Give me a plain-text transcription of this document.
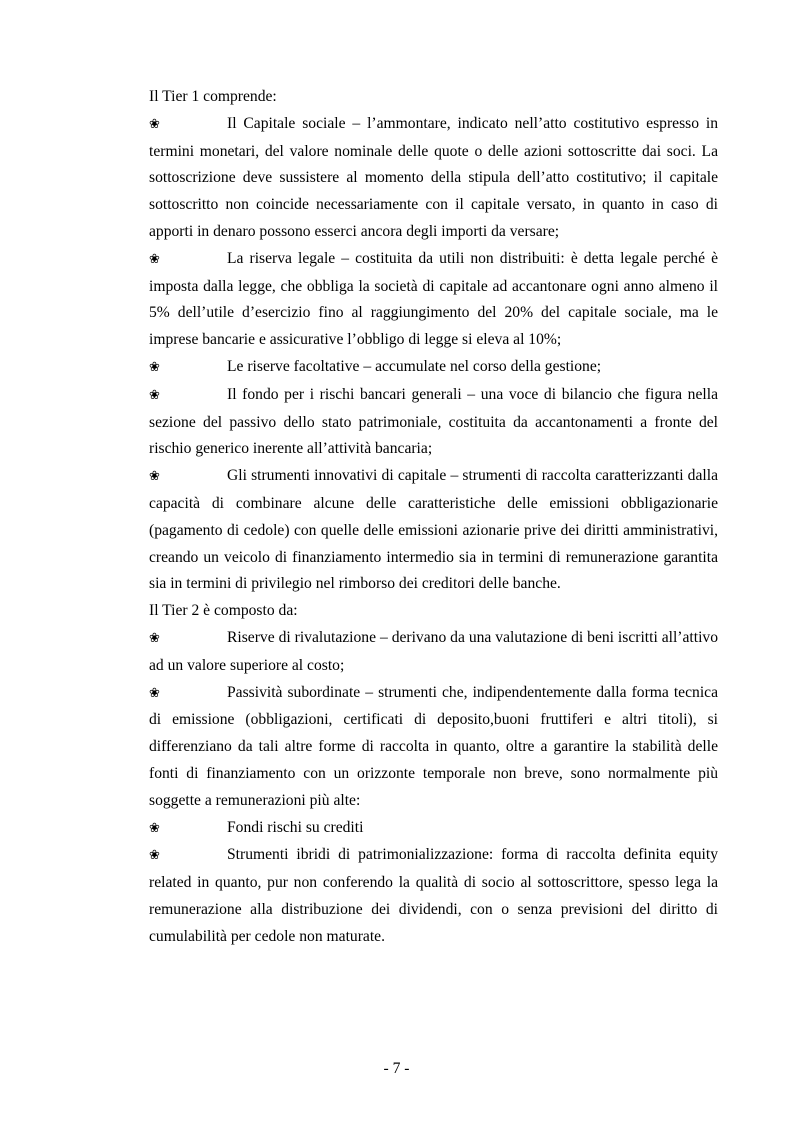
Il Tier 1 comprende:

❀	Il Capitale sociale – l’ammontare, indicato nell’atto costitutivo espresso in termini monetari, del valore nominale delle quote o delle azioni sottoscritte dai soci. La sottoscrizione deve sussistere al momento della stipula dell’atto costitutivo; il capitale sottoscritto non coincide necessariamente con il capitale versato, in quanto in caso di apporti in denaro possono esserci ancora degli importi da versare;

❀	La riserva legale – costituita da utili non distribuiti: è detta legale perché è imposta dalla legge, che obbliga la società di capitale ad accantonare ogni anno almeno il 5% dell’utile d’esercizio fino al raggiungimento del 20% del capitale sociale, ma le imprese bancarie e assicurative l’obbligo di legge si eleva al 10%;

❀	Le riserve facoltative – accumulate nel corso della gestione;

❀	Il fondo per i rischi bancari generali – una voce di bilancio che figura nella sezione del passivo dello stato patrimoniale, costituita da accantonamenti a fronte del rischio generico inerente all’attività bancaria;

❀	Gli strumenti innovativi di capitale – strumenti di raccolta caratterizzanti dalla capacità di combinare alcune delle caratteristiche delle emissioni obbligazionarie (pagamento di cedole) con quelle delle emissioni azionarie prive dei diritti amministrativi, creando un veicolo di finanziamento intermedio sia in termini di remunerazione garantita sia in termini di privilegio nel rimborso dei creditori delle banche.

Il Tier 2 è composto da:

❀	Riserve di rivalutazione – derivano da una valutazione di beni iscritti all’attivo ad un valore superiore al costo;

❀	Passività subordinate – strumenti che, indipendentemente dalla forma tecnica di emissione (obbligazioni, certificati di deposito,buoni fruttiferi e altri titoli), si differenziano da tali altre forme di raccolta in quanto, oltre a garantire la stabilità delle fonti di finanziamento con un orizzonte temporale non breve, sono normalmente più soggette a remunerazioni più alte:

❀	Fondi rischi su crediti

❀	Strumenti ibridi di patrimonializzazione: forma di raccolta definita equity related in quanto, pur non conferendo la qualità di socio al sottoscrittore, spesso lega la remunerazione alla distribuzione dei dividendi, con o senza previsioni del diritto di cumulabilità per cedole non maturate.

- 7 -
